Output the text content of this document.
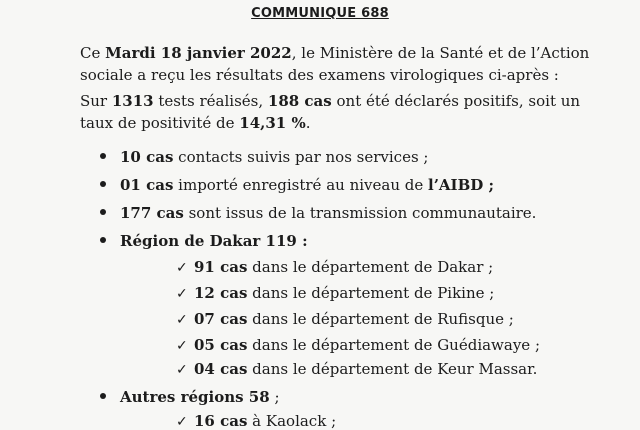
COMMUNIQUE 688
Ce Mardi 18 janvier 2022, le Ministère de la Santé et de l’Action
sociale a reçu les résultats des examens virologiques ci-après :
Sur 1313 tests réalisés, 188 cas ont été déclarés positifs, soit un
taux de positivité de 14,31 %.
10 cas contacts suivis par nos services ;
01 cas importé enregistré au niveau de l’AIBD ;
177 cas sont issus de la transmission communautaire.
Région de Dakar 119 :
✓ 91 cas dans le département de Dakar ;
✓ 12 cas dans le département de Pikine ;
✓ 07 cas dans le département de Rufisque ;
✓ 05 cas dans le département de Guédiawaye ;
✓ 04 cas dans le département de Keur Massar.
Autres régions 58 ;
✓ 16 cas à Kaolack ;
